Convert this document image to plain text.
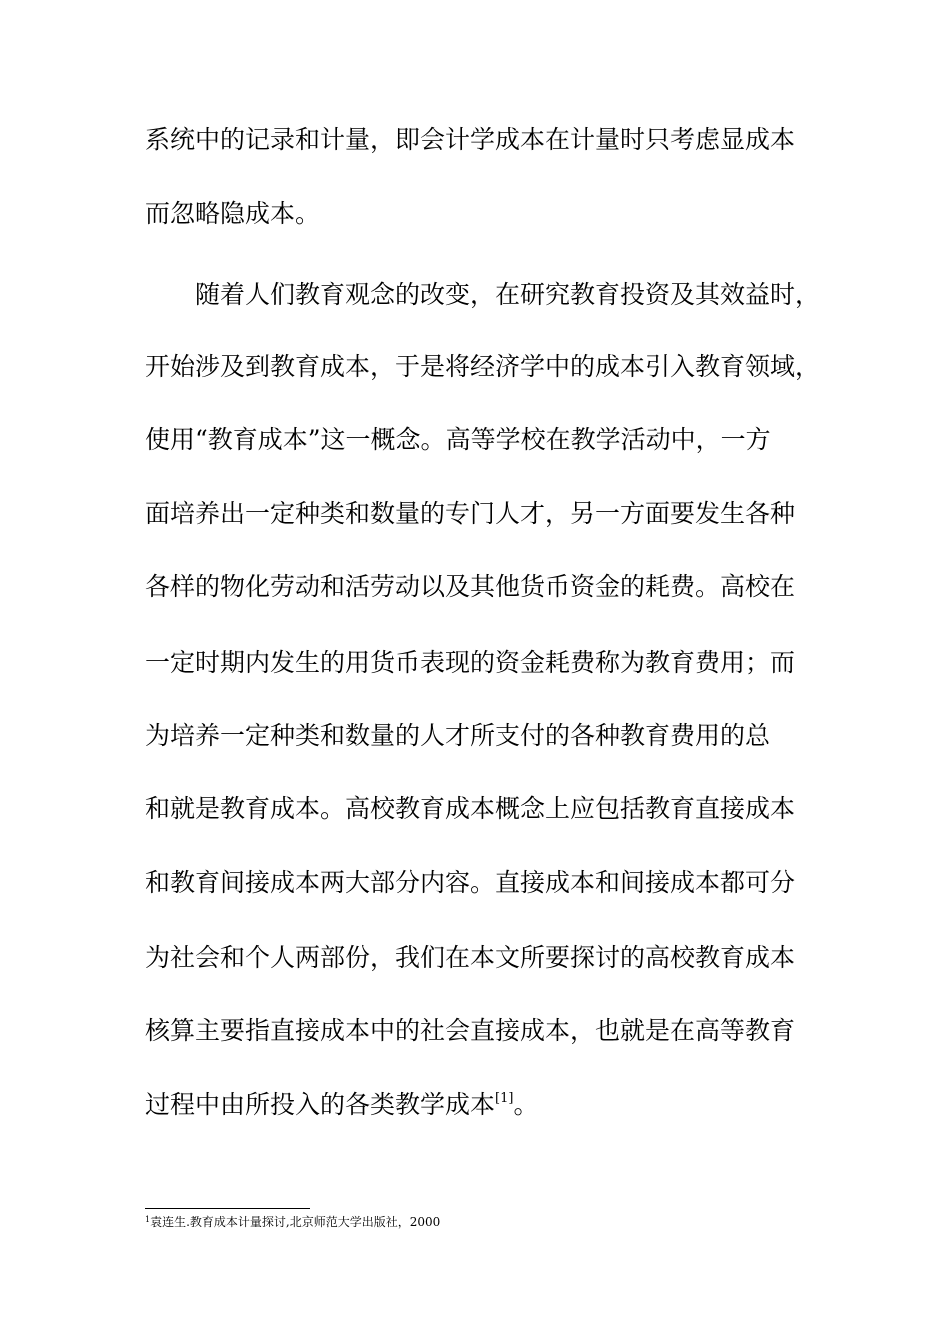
系统中的记录和计量，即会计学成本在计量时只考虑显成本
而忽略隐成本。
随着人们教育观念的改变，在研究教育投资及其效益时，
开始涉及到教育成本，于是将经济学中的成本引入教育领域，
使用“教育成本”这一概念。高等学校在教学活动中，一方
面培养出一定种类和数量的专门人才，另一方面要发生各种
各样的物化劳动和活劳动以及其他货币资金的耗费。高校在
一定时期内发生的用货币表现的资金耗费称为教育费用；而
为培养一定种类和数量的人才所支付的各种教育费用的总
和就是教育成本。高校教育成本概念上应包括教育直接成本
和教育间接成本两大部分内容。直接成本和间接成本都可分
为社会和个人两部份，我们在本文所要探讨的高校教育成本
核算主要指直接成本中的社会直接成本，也就是在高等教育
过程中由所投入的各类教学成本[1]。
$^1$袁连生.教育成本计量探讨,北京师范大学出版社，2000
